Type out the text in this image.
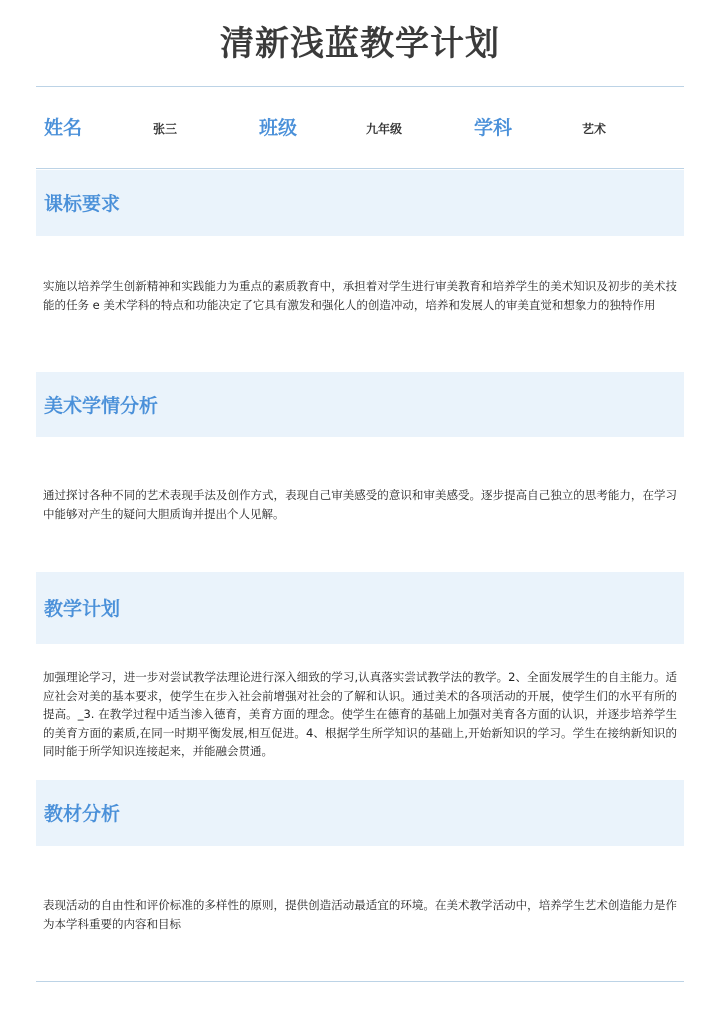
清新浅蓝教学计划
姓名	张三	班级	九年级	学科	艺术
课标要求
实施以培养学生创新精神和实践能力为重点的素质教育中，承担着对学生进行审美教育和培养学生的美术知识及初步的美术技能的任务 e 美术学科的特点和功能决定了它具有激发和强化人的创造冲动，培养和发展人的审美直觉和想象力的独特作用
美术学情分析
通过探讨各种不同的艺术表现手法及创作方式，表现自己审美感受的意识和审美感受。逐步提高自己独立的思考能力，在学习中能够对产生的疑问大胆质询并提出个人见解。
教学计划
加强理论学习，进一步对尝试教学法理论进行深入细致的学习,认真落实尝试教学法的教学。2、全面发展学生的自主能力。适应社会对美的基本要求，使学生在步入社会前增强对社会的了解和认识。通过美术的各项活动的开展，使学生们的水平有所的提高。_3. 在教学过程中适当渗入德育，美育方面的理念。使学生在德育的基础上加强对美育各方面的认识，并逐步培养学生的美育方面的素质,在同一时期平衡发展,相互促进。4、根据学生所学知识的基础上,开始新知识的学习。学生在接纳新知识的同时能于所学知识连接起来，并能融会贯通。
教材分析
表现活动的自由性和评价标准的多样性的原则，提供创造活动最适宜的环境。在美术教学活动中，培养学生艺术创造能力是作为本学科重要的内容和目标
